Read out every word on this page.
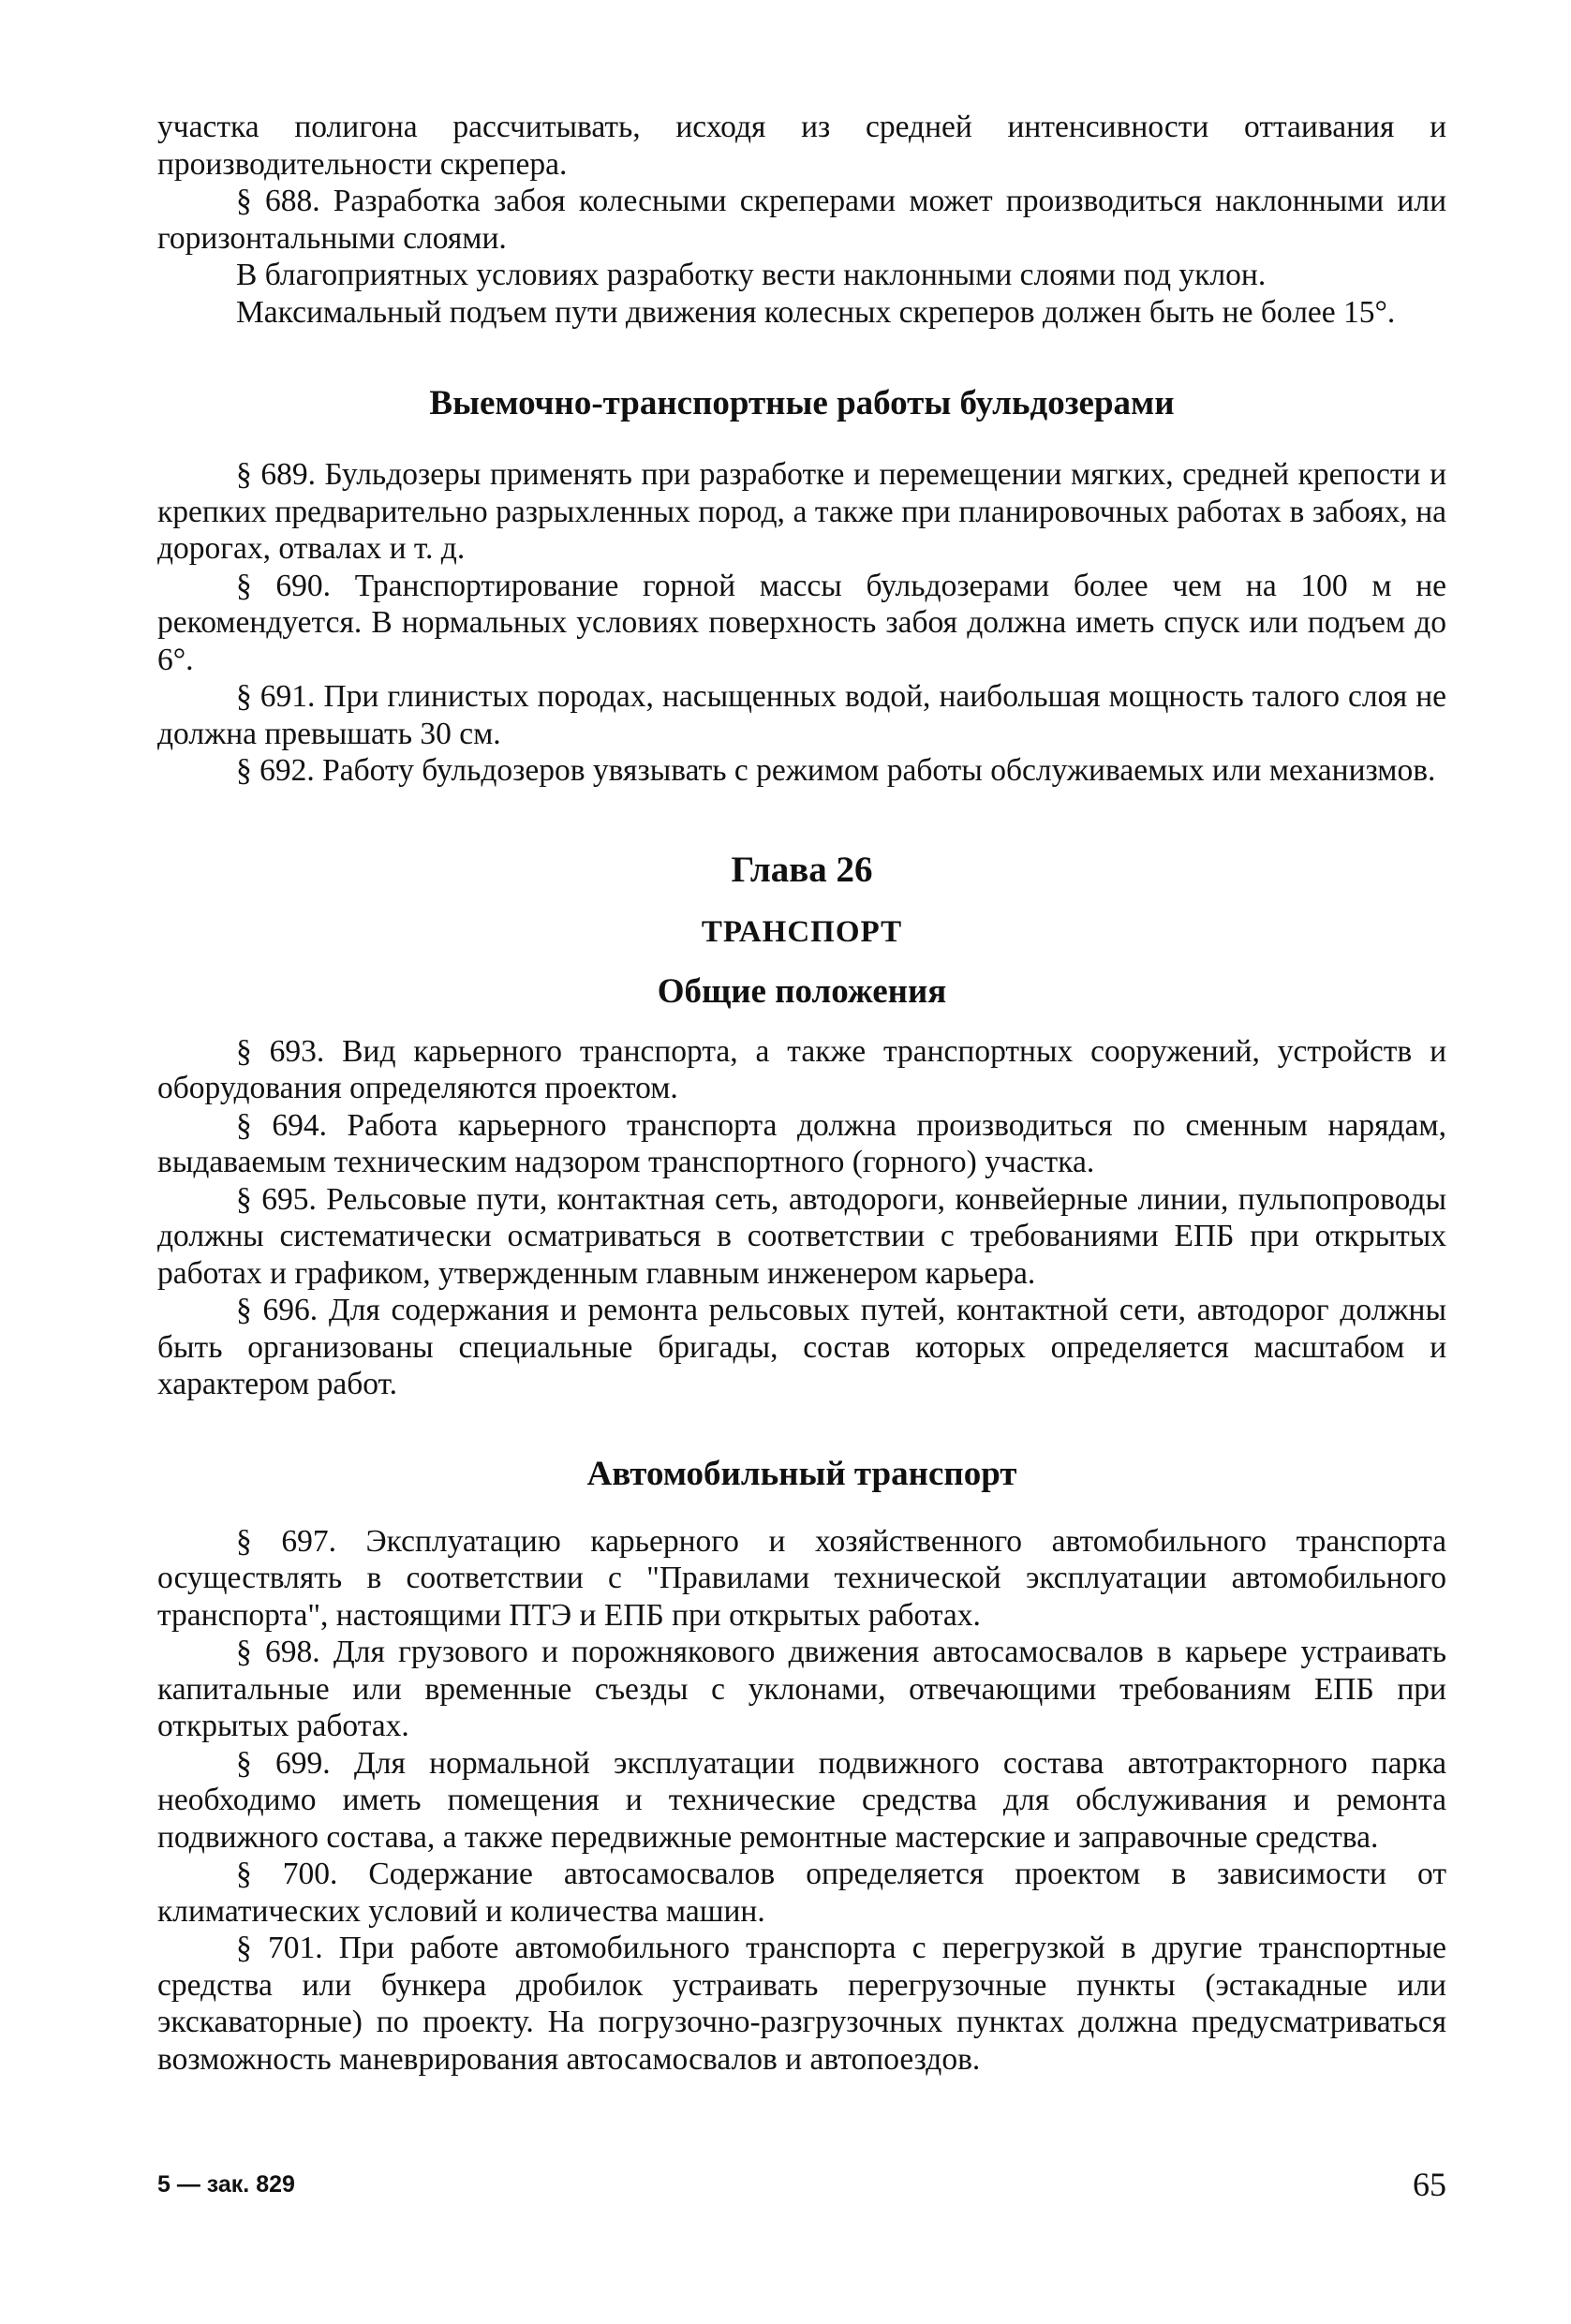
участка полигона рассчитывать, исходя из средней интенсивности оттаивания и производительности скрепера.

§ 688. Разработка забоя колесными скреперами может производиться наклонными или горизонтальными слоями.

В благоприятных условиях разработку вести наклонными слоями под уклон.

Максимальный подъем пути движения колесных скреперов должен быть не более 15°.

Выемочно-транспортные работы бульдозерами

§ 689. Бульдозеры применять при разработке и перемещении мягких, средней крепости и крепких предварительно разрыхленных пород, а также при планировочных работах в забоях, на дорогах, отвалах и т. д.

§ 690. Транспортирование горной массы бульдозерами более чем на 100 м не рекомендуется. В нормальных условиях поверхность забоя должна иметь спуск или подъем до 6°.

§ 691. При глинистых породах, насыщенных водой, наибольшая мощность талого слоя не должна превышать 30 см.

§ 692. Работу бульдозеров увязывать с режимом работы обслуживаемых или механизмов.

Глава 26
ТРАНСПОРТ
Общие положения

§ 693. Вид карьерного транспорта, а также транспортных сооружений, устройств и оборудования определяются проектом.

§ 694. Работа карьерного транспорта должна производиться по сменным нарядам, выдаваемым техническим надзором транспортного (горного) участка.

§ 695. Рельсовые пути, контактная сеть, автодороги, конвейерные линии, пульпопроводы должны систематически осматриваться в соответствии с требованиями ЕПБ при открытых работах и графиком, утвержденным главным инженером карьера.

§ 696. Для содержания и ремонта рельсовых путей, контактной сети, автодорог должны быть организованы специальные бригады, состав которых определяется масштабом и характером работ.

Автомобильный транспорт

§ 697. Эксплуатацию карьерного и хозяйственного автомобильного транспорта осуществлять в соответствии с "Правилами технической эксплуатации автомобильного транспорта", настоящими ПТЭ и ЕПБ при открытых работах.

§ 698. Для грузового и порожнякового движения автосамосвалов в карьере устраивать капитальные или временные съезды с уклонами, отвечающими требованиям ЕПБ при открытых работах.

§ 699. Для нормальной эксплуатации подвижного состава автотракторного парка необходимо иметь помещения и технические средства для обслуживания и ремонта подвижного состава, а также передвижные ремонтные мастерские и заправочные средства.

§ 700. Содержание автосамосвалов определяется проектом в зависимости от климатических условий и количества машин.

§ 701. При работе автомобильного транспорта с перегрузкой в другие транспортные средства или бункера дробилок устраивать перегрузочные пункты (эстакадные или экскаваторные) по проекту. На погрузочно-разгрузочных пунктах должна предусматриваться возможность маневрирования автосамосвалов и автопоездов.

5 — зак. 829	65
